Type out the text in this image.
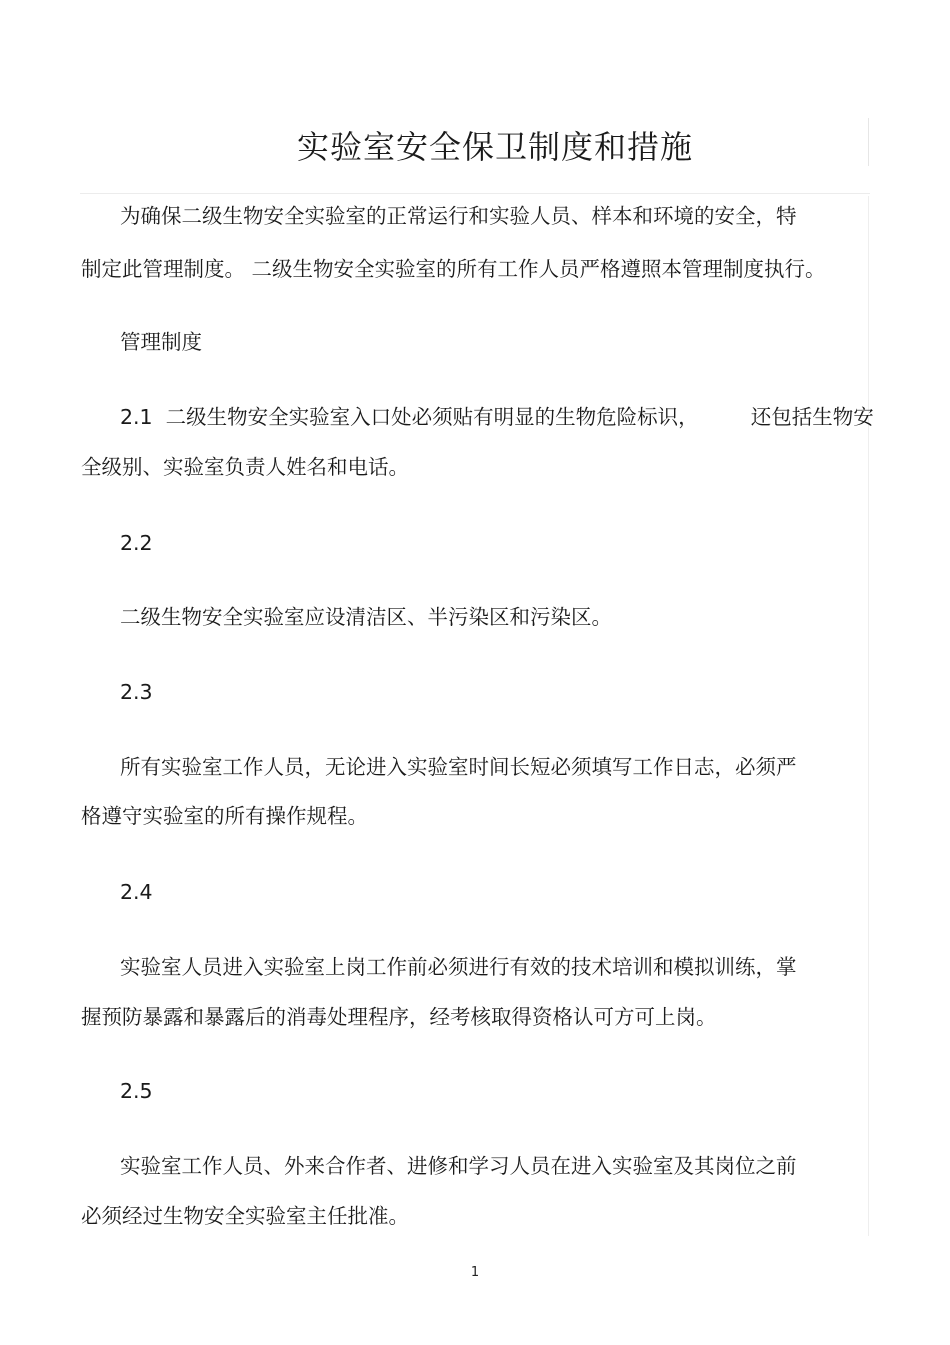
实验室安全保卫制度和措施
为确保二级生物安全实验室的正常运行和实验人员、样本和环境的安全，特
制定此管理制度。 二级生物安全实验室的所有工作人员严格遵照本管理制度执行。
管理制度
2.1  二级生物安全实验室入口处必须贴有明显的生物危险标识，        还包括生物安
全级别、实验室负责人姓名和电话。
2.2
二级生物安全实验室应设清洁区、半污染区和污染区。
2.3
所有实验室工作人员，无论进入实验室时间长短必须填写工作日志，必须严
格遵守实验室的所有操作规程。
2.4
实验室人员进入实验室上岗工作前必须进行有效的技术培训和模拟训练，掌
握预防暴露和暴露后的消毒处理程序，经考核取得资格认可方可上岗。
2.5
实验室工作人员、外来合作者、进修和学习人员在进入实验室及其岗位之前
必须经过生物安全实验室主任批准。
1
